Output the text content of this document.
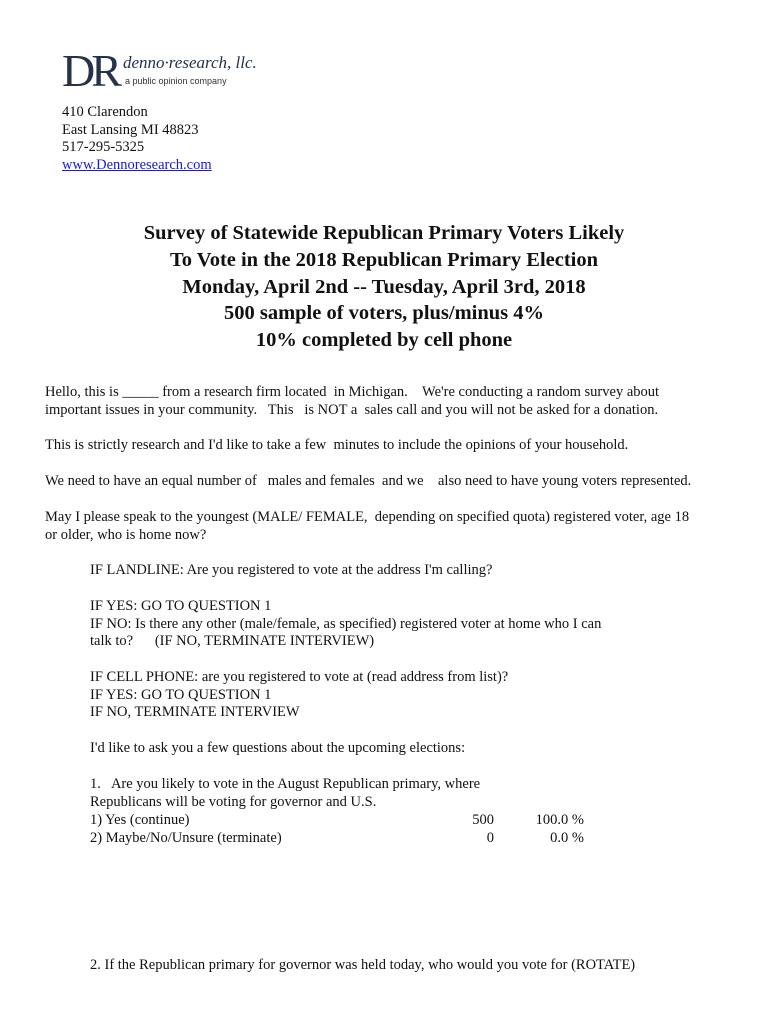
DR denno·research, llc.
a public opinion company
410 Clarendon
East Lansing MI 48823
517-295-5325
www.Dennoresearch.com
Survey of Statewide Republican Primary Voters Likely
To Vote in the 2018 Republican Primary Election
Monday, April 2nd -- Tuesday, April 3rd, 2018
500 sample of voters, plus/minus 4%
10% completed by cell phone
Hello, this is _____ from a research firm located  in Michigan.    We're conducting a random survey about
important issues in your community.   This   is NOT a  sales call and you will not be asked for a donation.
This is strictly research and I'd like to take a few  minutes to include the opinions of your household.
We need to have an equal number of   males and females  and we    also need to have young voters represented.
May I please speak to the youngest (MALE/ FEMALE,  depending on specified quota) registered voter, age 18
or older, who is home now?
IF LANDLINE: Are you registered to vote at the address I'm calling?
IF YES: GO TO QUESTION 1
IF NO: Is there any other (male/female, as specified) registered voter at home who I can
talk to?      (IF NO, TERMINATE INTERVIEW)
IF CELL PHONE: are you registered to vote at (read address from list)?
IF YES: GO TO QUESTION 1
IF NO, TERMINATE INTERVIEW
I'd like to ask you a few questions about the upcoming elections:
1.   Are you likely to vote in the August Republican primary, where
Republicans will be voting for governor and U.S.
1) Yes (continue)	500	100.0 %
2) Maybe/No/Unsure (terminate)	0	0.0 %
2. If the Republican primary for governor was held today, who would you vote for (ROTATE)
